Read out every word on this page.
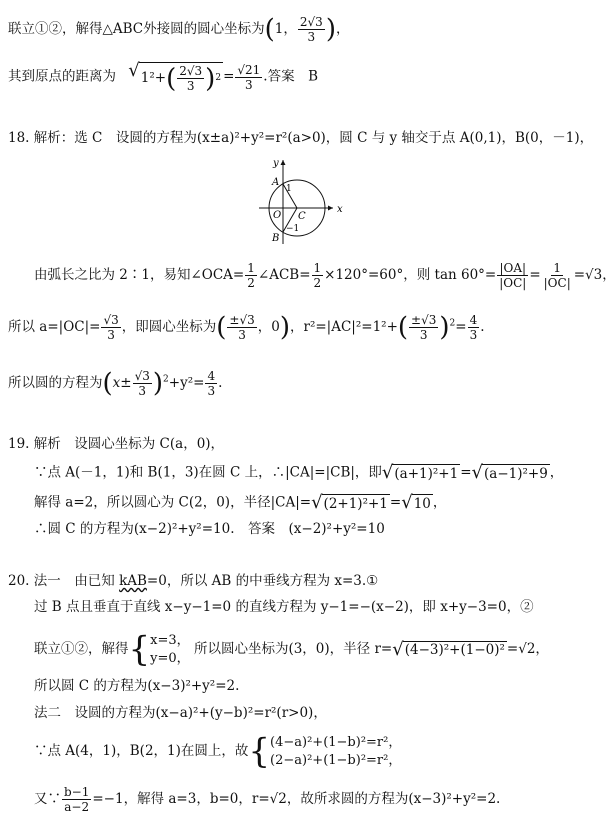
联立①②，解得△ABC外接圆的圆心坐标为(1， $\frac{2√3}{3}$ )，
其到原点的距离为 √ 1²+ ( $\frac{2√3}{3}$ ) $2 = \frac{√21}{3}$ .答案　B
18. 解析：选 C　设圆的方程为(x±a)²+y²=r²(a>0)，圆 C 与 y 轴交于点 A(0,1)，B(0，－1)，
y
x
A
1
O C
−1
B
由弧长之比为 2∶1，易知∠OCA= $\frac{1}{2}$ ∠ACB= $\frac{1}{2} \times 120^\circ=60^\circ$，则 $\tan 60^\circ= \frac{|OA|}{|OC|} = \frac{1}{|OC|} =√3$，
所以 $a=|OC|= \frac{√3}{3}$ ，即圆心坐标为( $\frac{\pm√3}{3}$ ，0)，$r^2=|AC|^2=1^2+( \frac{\pm√3}{3} )^2= \frac{4}{3}$ .
所以圆的方程为$(x\pm \frac{√3}{3} )^2+y^2= \frac{4}{3}$ .
19. 解析　设圆心坐标为 C(a，0)，
∵点 A(－1，1)和 B(1，3)在圆 C 上，∴|CA|=|CB|，即 √ (a+1)²+1 = √ (a−1)²+9 ，
解得 a=2，所以圆心为 C(2，0)，半径|CA|= √ (2+1)²+1 = √ 10 ，
∴圆 C 的方程为(x−2)²+y²=10.　答案　(x−2)²+y²=10
20. 法一　由已知 kAB=0，所以 AB 的中垂线方程为 x=3.①
过 B 点且垂直于直线 x−y−1=0 的直线方程为 y−1=−(x−2)，即 x+y−3=0，②
联立①②，解得{ x=3，
y=0，
所以圆心坐标为(3，0)，半径 r= √ (4−3)²+(1−0)² =√2，
所以圆 C 的方程为(x−3)²+y²=2.
法二　设圆的方程为(x−a)²+(y−b)²=r²(r>0)，
∵点 A(4，1)，B(2，1)在圆上，故{ (4−a)²+(1−b)²=r²，
(2−a)²+(1−b)²=r²，
又∵ $\frac{b-1}{a-2} =-1$，解得 a=3，b=0，r=√2，故所求圆的方程为(x−3)²+y²=2.
